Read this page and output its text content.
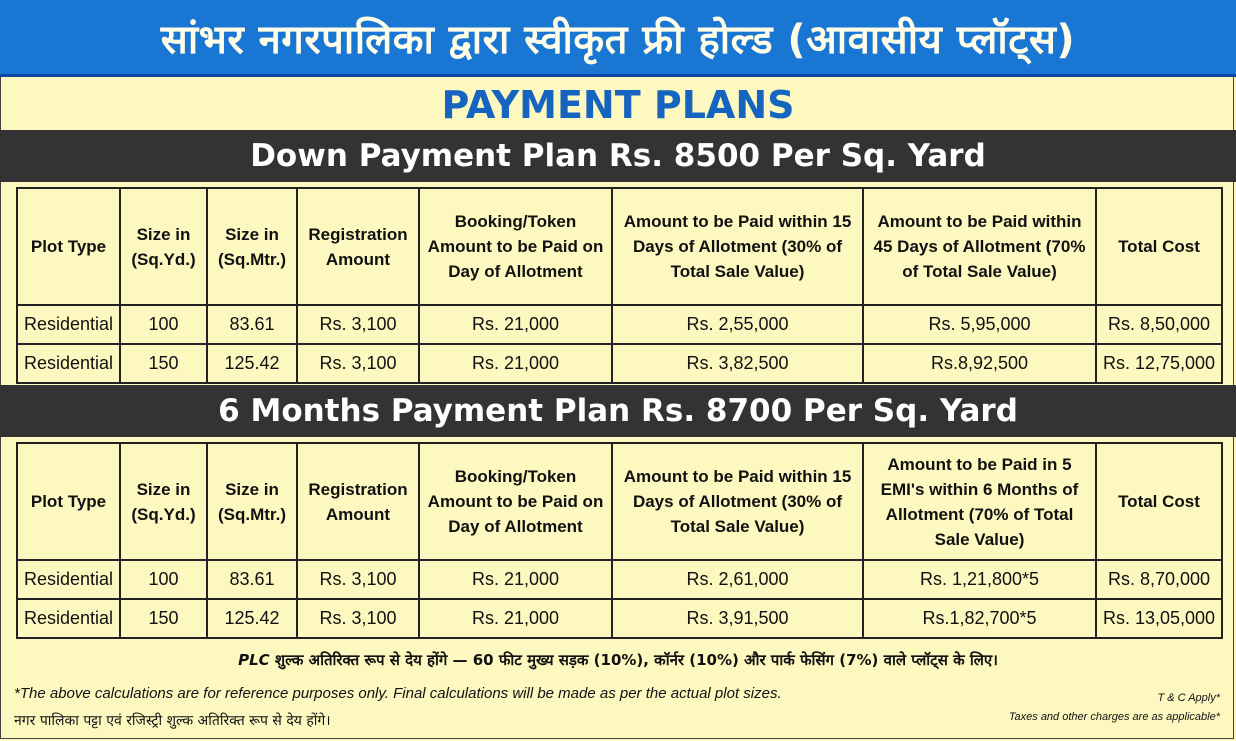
सांभर नगरपालिका द्वारा स्वीकृत फ्री होल्ड (आवासीय प्लॉट्स)
PAYMENT PLANS
Down Payment Plan Rs. 8500 Per Sq. Yard
Plot Type	Size in (Sq.Yd.)	Size in (Sq.Mtr.)	Registration Amount	Booking/Token Amount to be Paid on Day of Allotment	Amount to be Paid within 15 Days of Allotment (30% of Total Sale Value)	Amount to be Paid within 45 Days of Allotment (70% of Total Sale Value)	Total Cost
Residential	100	83.61	Rs. 3,100	Rs. 21,000	Rs. 2,55,000	Rs. 5,95,000	Rs. 8,50,000
Residential	150	125.42	Rs. 3,100	Rs. 21,000	Rs. 3,82,500	Rs.8,92,500	Rs. 12,75,000
6 Months Payment Plan Rs. 8700 Per Sq. Yard
Plot Type	Size in (Sq.Yd.)	Size in (Sq.Mtr.)	Registration Amount	Booking/Token Amount to be Paid on Day of Allotment	Amount to be Paid within 15 Days of Allotment (30% of Total Sale Value)	Amount to be Paid in 5 EMI's within 6 Months of Allotment (70% of Total Sale Value)	Total Cost
Residential	100	83.61	Rs. 3,100	Rs. 21,000	Rs. 2,61,000	Rs. 1,21,800*5	Rs. 8,70,000
Residential	150	125.42	Rs. 3,100	Rs. 21,000	Rs. 3,91,500	Rs.1,82,700*5	Rs. 13,05,000
PLC
शुल्क अतिरिक्त रूप से देय होंगे — 60 फीट मुख्य सड़क (10%), कॉर्नर (10%) और पार्क फेसिंग (7%) वाले प्लॉट्स के लिए।
*The above calculations are for reference purposes only. Final calculations will be made as per the actual plot sizes.
नगर पालिका पट्टा एवं रजिस्ट्री शुल्क अतिरिक्त रूप से देय होंगे।
T & C Apply*
Taxes and other charges are as applicable*
